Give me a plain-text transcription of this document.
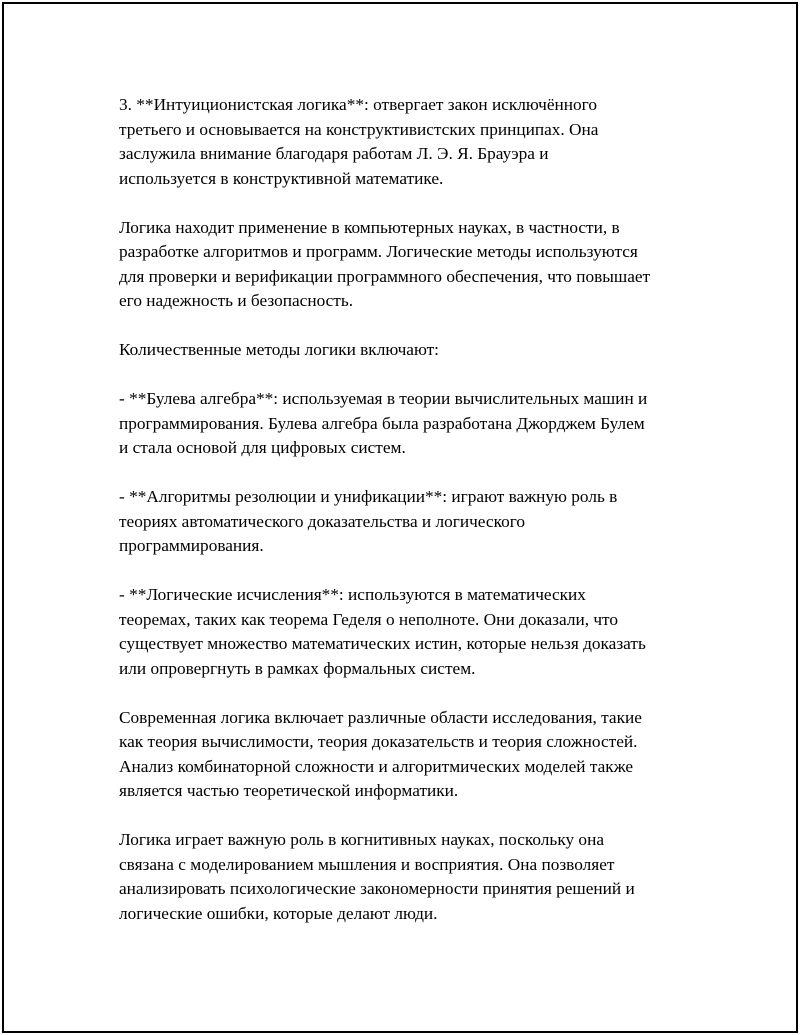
3. **Интуиционистская логика**: отвергает закон исключённого
третьего и основывается на конструктивистских принципах. Она
заслужила внимание благодаря работам Л. Э. Я. Брауэра и
используется в конструктивной математике.

Логика находит применение в компьютерных науках, в частности, в
разработке алгоритмов и программ. Логические методы используются
для проверки и верификации программного обеспечения, что повышает
его надежность и безопасность.

Количественные методы логики включают:

- **Булева алгебра**: используемая в теории вычислительных машин и
программирования. Булева алгебра была разработана Джорджем Булем
и стала основой для цифровых систем.

- **Алгоритмы резолюции и унификации**: играют важную роль в
теориях автоматического доказательства и логического
программирования.

- **Логические исчисления**: используются в математических
теоремах, таких как теорема Геделя о неполноте. Они доказали, что
существует множество математических истин, которые нельзя доказать
или опровергнуть в рамках формальных систем.

Современная логика включает различные области исследования, такие
как теория вычислимости, теория доказательств и теория сложностей.
Анализ комбинаторной сложности и алгоритмических моделей также
является частью теоретической информатики.

Логика играет важную роль в когнитивных науках, поскольку она
связана с моделированием мышления и восприятия. Она позволяет
анализировать психологические закономерности принятия решений и
логические ошибки, которые делают люди.
